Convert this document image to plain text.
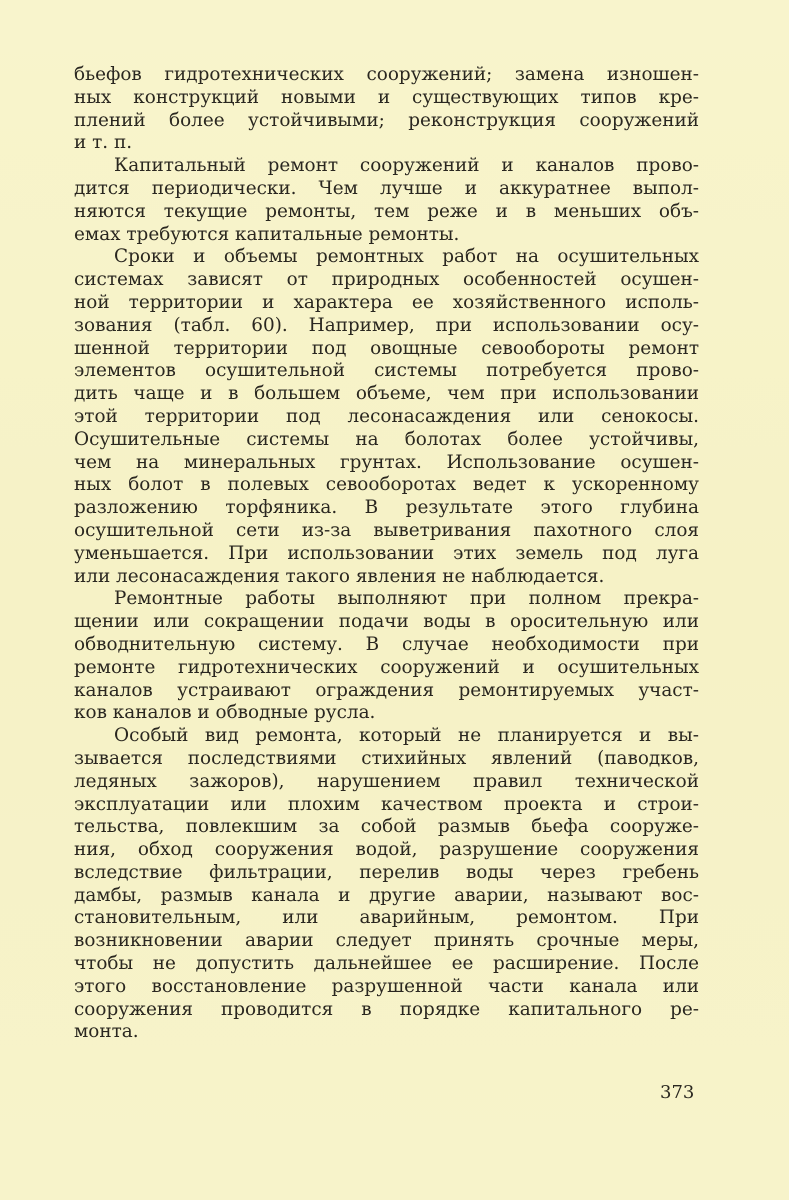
бьефов гидротехнических сооружений; замена изношен-
ных конструкций новыми и существующих типов кре-
плений более устойчивыми; реконструкция сооружений
и т. п.

Капитальный ремонт сооружений и каналов прово-
дится периодически. Чем лучше и аккуратнее выпол-
няются текущие ремонты, тем реже и в меньших объ-
емах требуются капитальные ремонты.

Сроки и объемы ремонтных работ на осушительных
системах зависят от природных особенностей осушен-
ной территории и характера ее хозяйственного исполь-
зования (табл. 60). Например, при использовании осу-
шенной территории под овощные севообороты ремонт
элементов осушительной системы потребуется прово-
дить чаще и в большем объеме, чем при использовании
этой территории под лесонасаждения или сенокосы.
Осушительные системы на болотах более устойчивы,
чем на минеральных грунтах. Использование осушен-
ных болот в полевых севооборотах ведет к ускоренному
разложению торфяника. В результате этого глубина
осушительной сети из-за выветривания пахотного слоя
уменьшается. При использовании этих земель под луга
или лесонасаждения такого явления не наблюдается.

Ремонтные работы выполняют при полном прекра-
щении или сокращении подачи воды в оросительную или
обводнительную систему. В случае необходимости при
ремонте гидротехнических сооружений и осушительных
каналов устраивают ограждения ремонтируемых участ-
ков каналов и обводные русла.

Особый вид ремонта, который не планируется и вы-
зывается последствиями стихийных явлений (паводков,
ледяных зажоров), нарушением правил технической
эксплуатации или плохим качеством проекта и строи-
тельства, повлекшим за собой размыв бьефа сооруже-
ния, обход сооружения водой, разрушение сооружения
вследствие фильтрации, перелив воды через гребень
дамбы, размыв канала и другие аварии, называют вос-
становительным, или аварийным, ремонтом. При
возникновении аварии следует принять срочные меры,
чтобы не допустить дальнейшее ее расширение. После
этого восстановление разрушенной части канала или
сооружения проводится в порядке капитального ре-
монта.

373
